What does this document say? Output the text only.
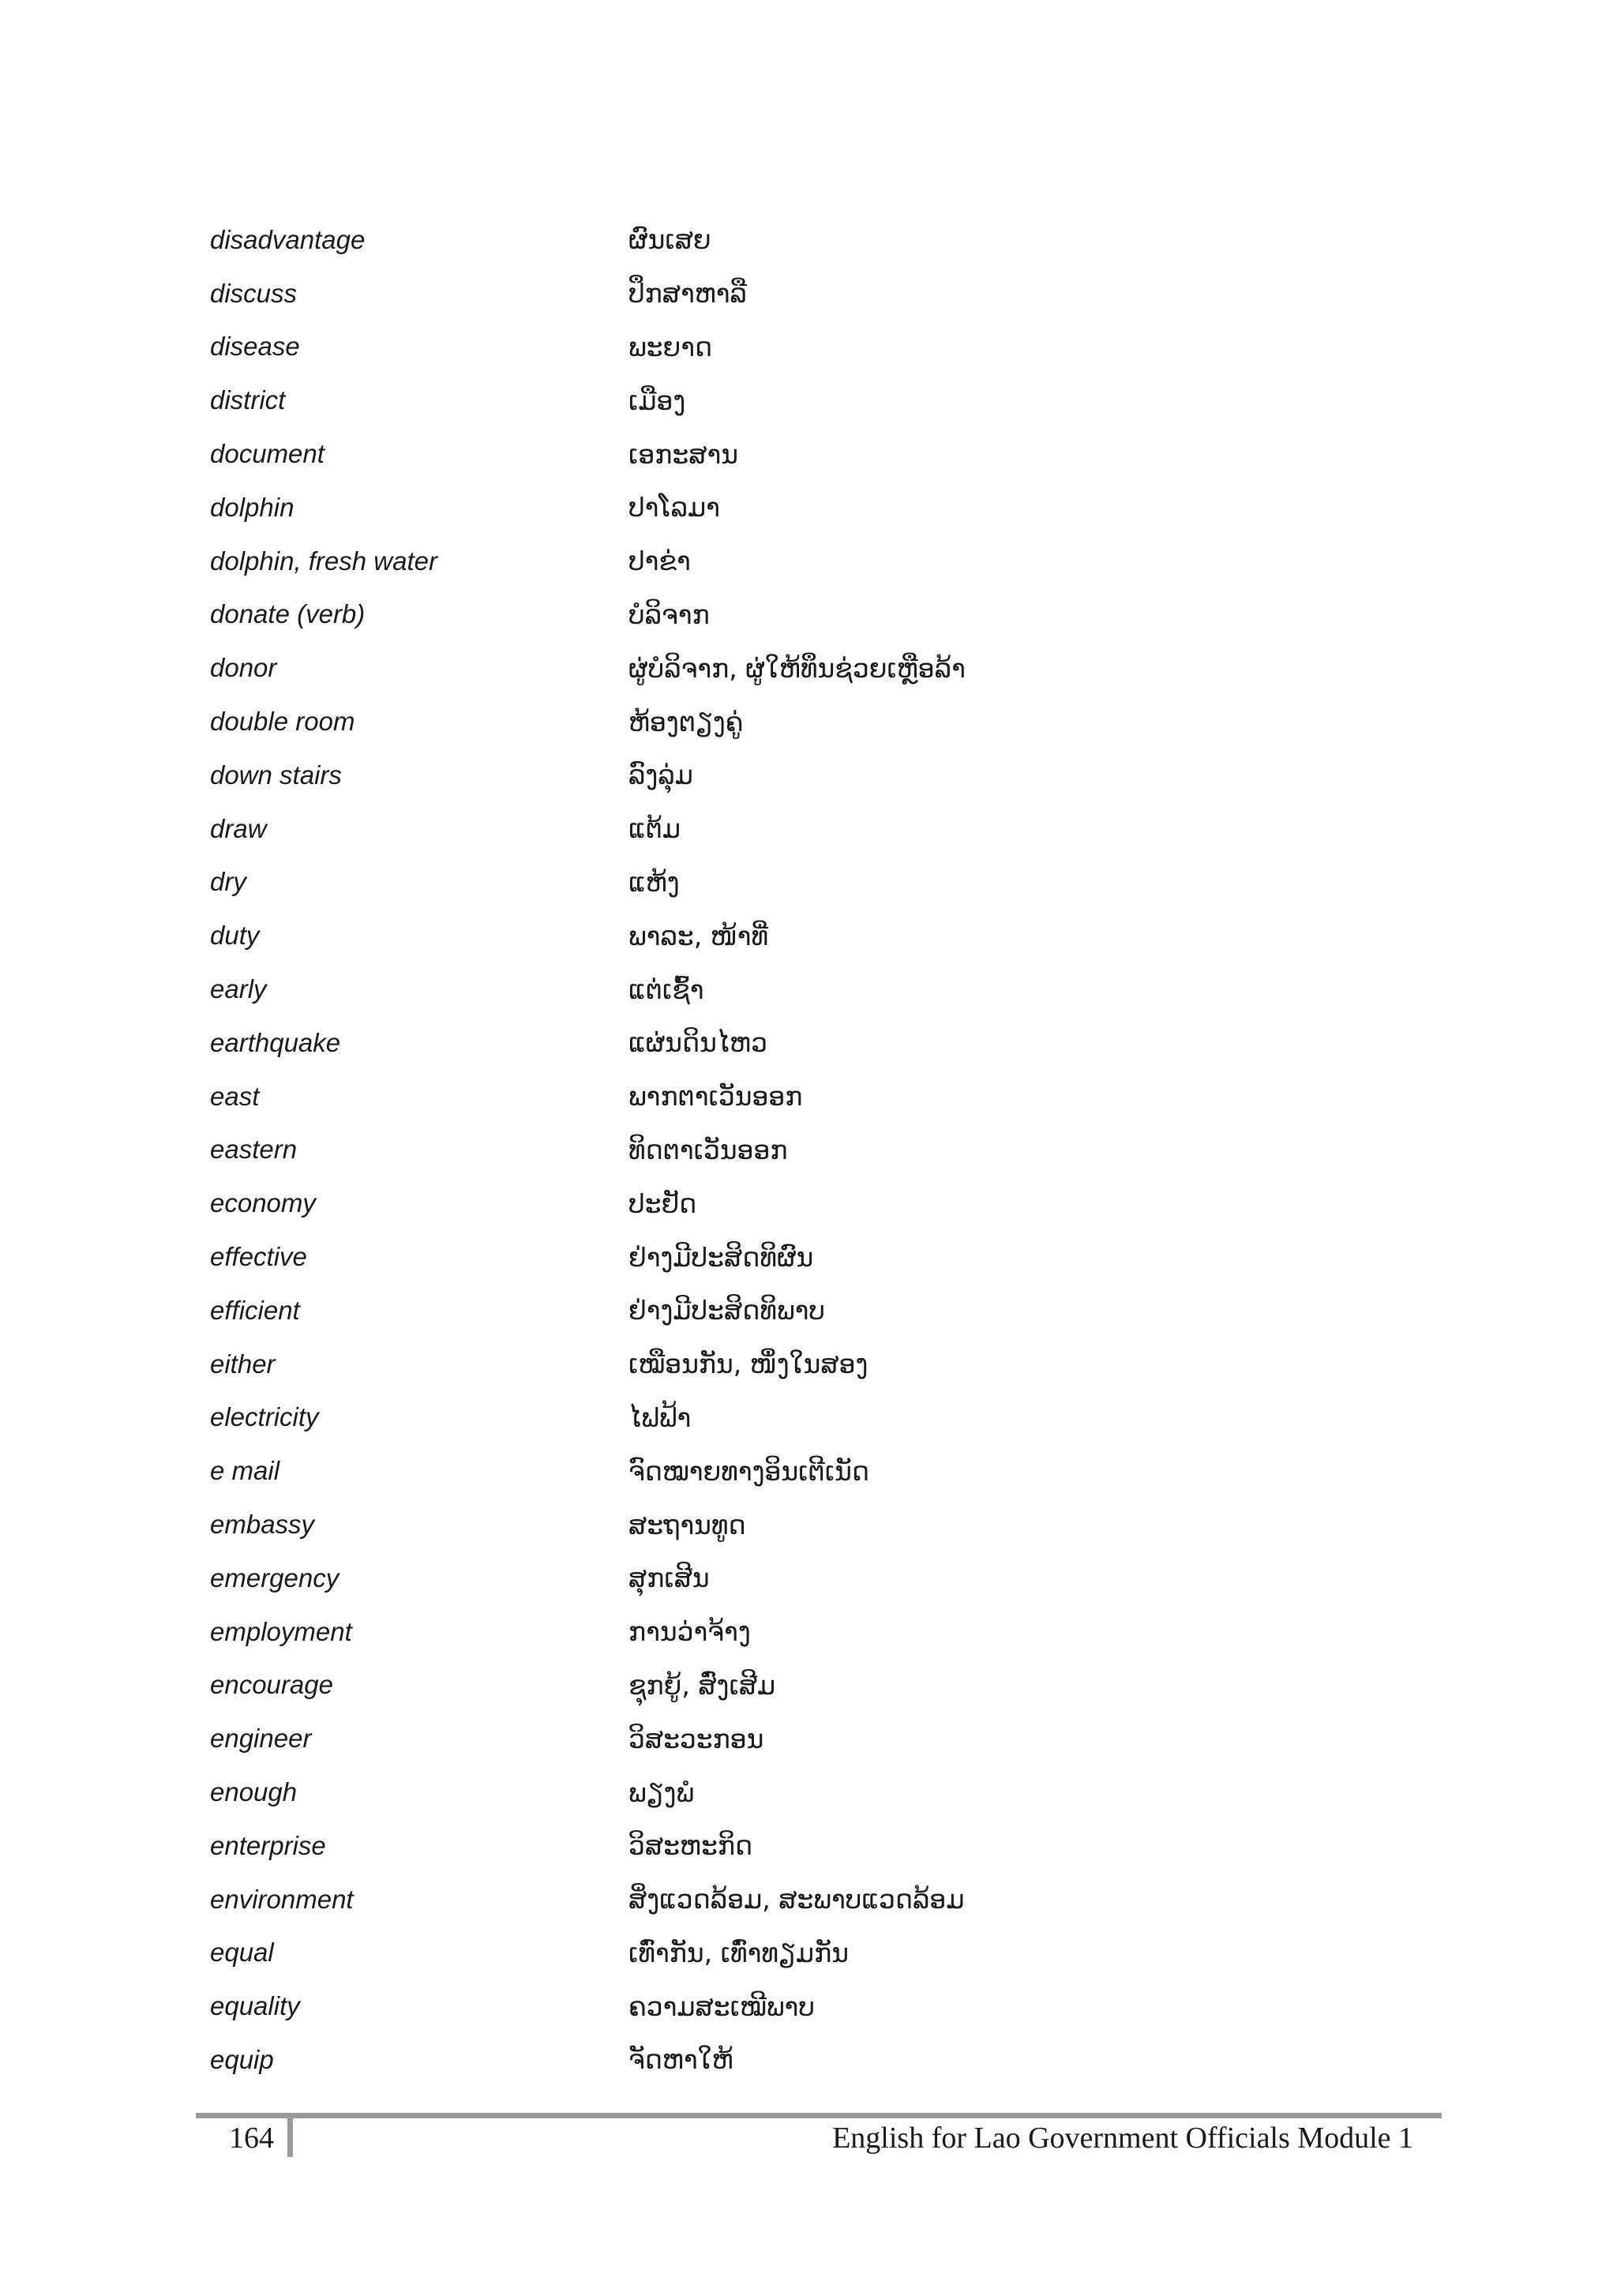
disadvantage	ຜົນເສຍ
discuss	ປຶກສາຫາລື
disease	ພະຍາດ
district	ເມືອງ
document	ເອກະສານ
dolphin	ປາໂລມາ
dolphin, fresh water	ປາຂ່າ
donate (verb)	ບໍລິຈາກ
donor	ຜູ່ບໍລິຈາກ, ຜູ່ໃຫ້ທຶນຊ່ວຍເຫຼືອລ້າ
double room	ຫ້ອງຕຽງຄູ່
down stairs	ລົງລຸ່ມ
draw	ແຕ້ມ
dry	ແຫ້ງ
duty	ພາລະ, ໜ້າທີ່
early	ແຕ່ເຊົ້າ
earthquake	ແຜ່ນດິນໄຫວ
east	ພາກຕາເວັນອອກ
eastern	ທິດຕາເວັນອອກ
economy	ປະຢັດ
effective	ຢ່າງມີປະສິດທິຜົນ
efficient	ຢ່າງມີປະສິດທິພາບ
either	ເໝືອນກັນ, ໜຶ່ງໃນສອງ
electricity	ໄຟຟ້າ
e mail	ຈົດໝາຍທາງອິນເຕີເນັດ
embassy	ສະຖານທູດ
emergency	ສຸກເສີນ
employment	ການວ່າຈ້າງ
encourage	ຊຸກຍູ້, ສົ່ງເສີມ
engineer	ວິສະວະກອນ
enough	ພຽງພໍ
enterprise	ວິສະຫະກິດ
environment	ສິ່ງແວດລ້ອມ, ສະພາບແວດລ້ອມ
equal	ເທົ່າກັນ, ເທົ່າທຽມກັນ
equality	ຄວາມສະເໝີພາບ
equip	ຈັດຫາໃຫ້
164	English for Lao Government Officials Module 1
